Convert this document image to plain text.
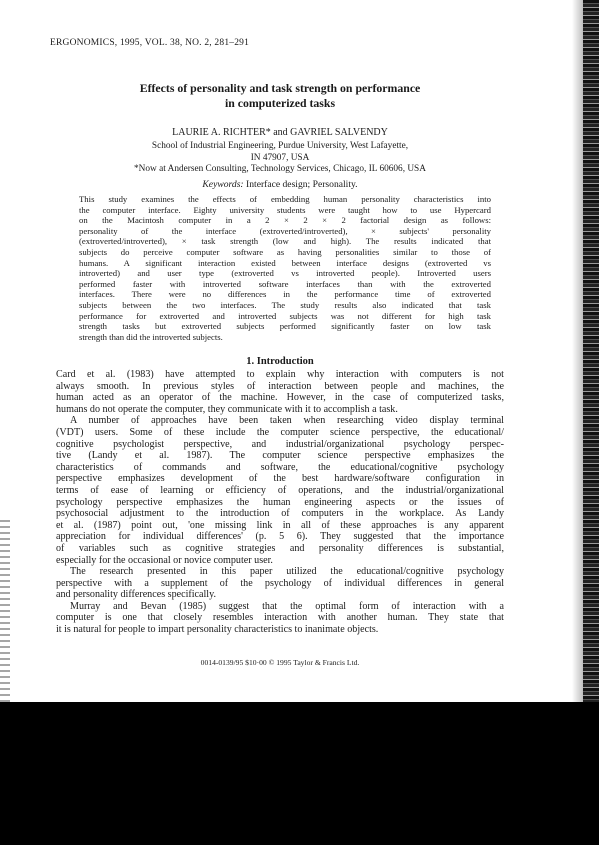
ERGONOMICS, 1995, VOL. 38, NO. 2, 281–291
Effects of personality and task strength on performance
in computerized tasks
LAURIE A. RICHTER* and GAVRIEL SALVENDY
School of Industrial Engineering, Purdue University, West Lafayette,
IN 47907, USA
*Now at Andersen Consulting, Technology Services, Chicago, IL 60606, USA
Keywords: Interface design; Personality.
This study examines the effects of embedding human personality characteristics into
the computer interface. Eighty university students were taught how to use Hypercard
on the Macintosh computer in a 2 × 2 × 2 factorial design as follows:
personality of the interface (extroverted/introverted), × subjects' personality
(extroverted/introverted), × task strength (low and high). The results indicated that
subjects do perceive computer software as having personalities similar to those of
humans. A significant interaction existed between interface designs (extroverted vs
introverted) and user type (extroverted vs introverted people). Introverted users
performed faster with introverted software interfaces than with the extroverted
interfaces. There were no differences in the performance time of extroverted
subjects between the two interfaces. The study results also indicated that task
performance for extroverted and introverted subjects was not different for high task
strength tasks but extroverted subjects performed significantly faster on low task
strength than did the introverted subjects.
1. Introduction
Card et al. (1983) have attempted to explain why interaction with computers is not
always smooth. In previous styles of interaction between people and machines, the
human acted as an operator of the machine. However, in the case of computerized tasks,
humans do not operate the computer, they communicate with it to accomplish a task.
A number of approaches have been taken when researching video display terminal
(VDT) users. Some of these include the computer science perspective, the educational/
cognitive psychologist perspective, and industrial/organizational psychology perspec-
tive (Landy et al. 1987). The computer science perspective emphasizes the
characteristics of commands and software, the educational/cognitive psychology
perspective emphasizes development of the best hardware/software configuration in
terms of ease of learning or efficiency of operations, and the industrial/organizational
psychology perspective emphasizes the human engineering aspects or the issues of
psychosocial adjustment to the introduction of computers in the workplace. As Landy
et al. (1987) point out, 'one missing link in all of these approaches is any apparent
appreciation for individual differences' (p. 5 6). They suggested that the importance
of variables such as cognitive strategies and personality differences is substantial,
especially for the occasional or novice computer user.
The research presented in this paper utilized the educational/cognitive psychology
perspective with a supplement of the psychology of individual differences in general
and personality differences specifically.
Murray and Bevan (1985) suggest that the optimal form of interaction with a
computer is one that closely resembles interaction with another human. They state that
it is natural for people to impart personality characteristics to inanimate objects.
0014-0139/95 $10·00 © 1995 Taylor & Francis Ltd.
